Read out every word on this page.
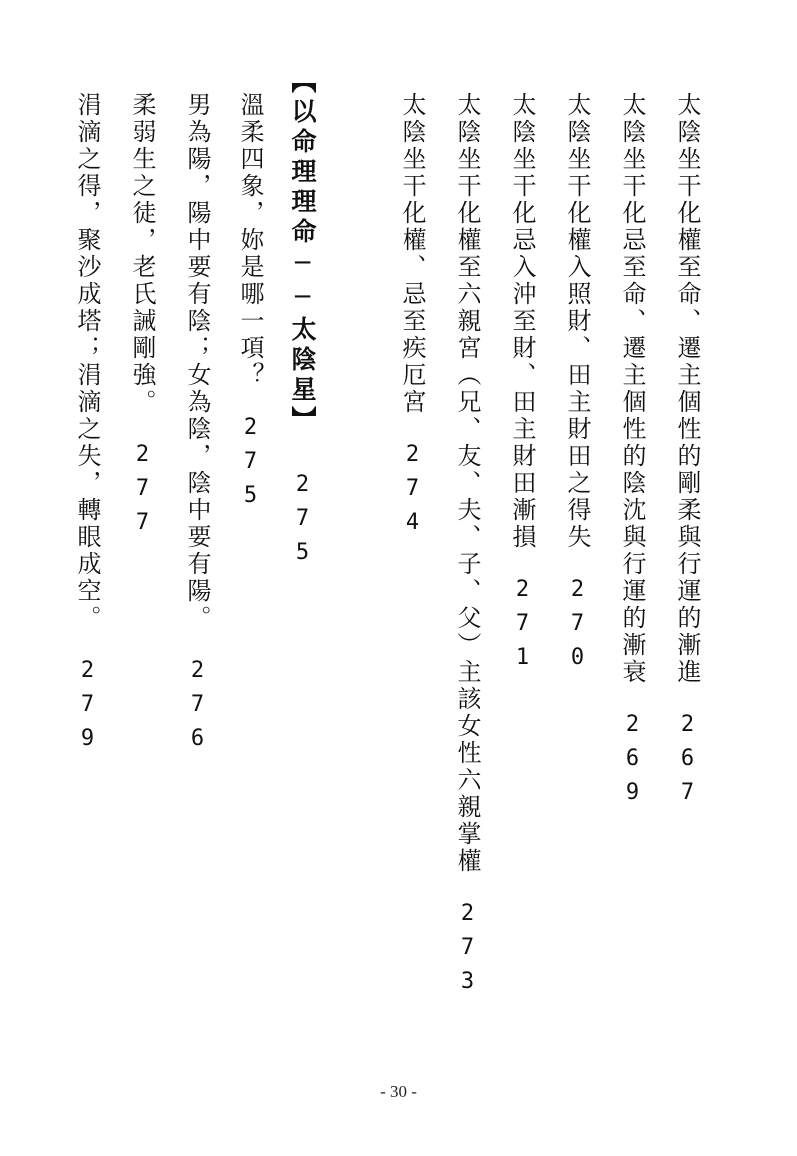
太陰坐干化權至命、遷主個性的剛柔與行運的漸進
267
太陰坐干化忌至命、遷主個性的陰沈與行運的漸衰
269
太陰坐干化權入照財、田主財田之得失
270
太陰坐干化忌入沖至財、田主財田漸損
271
太陰坐干化權至六親宮︵兄、友、夫、子、父︶主該女性六親掌權
273
太陰坐干化權、忌至疾厄宮
274
︻以命理理命──太陰星︼
275
溫柔四象，妳是哪一項？
275
男為陽，陽中要有陰；女為陰，陰中要有陽。
276
柔弱生之徒，老氏誡剛強。
277
涓滴之得，聚沙成塔；涓滴之失，轉眼成空。
279
- 30 -
